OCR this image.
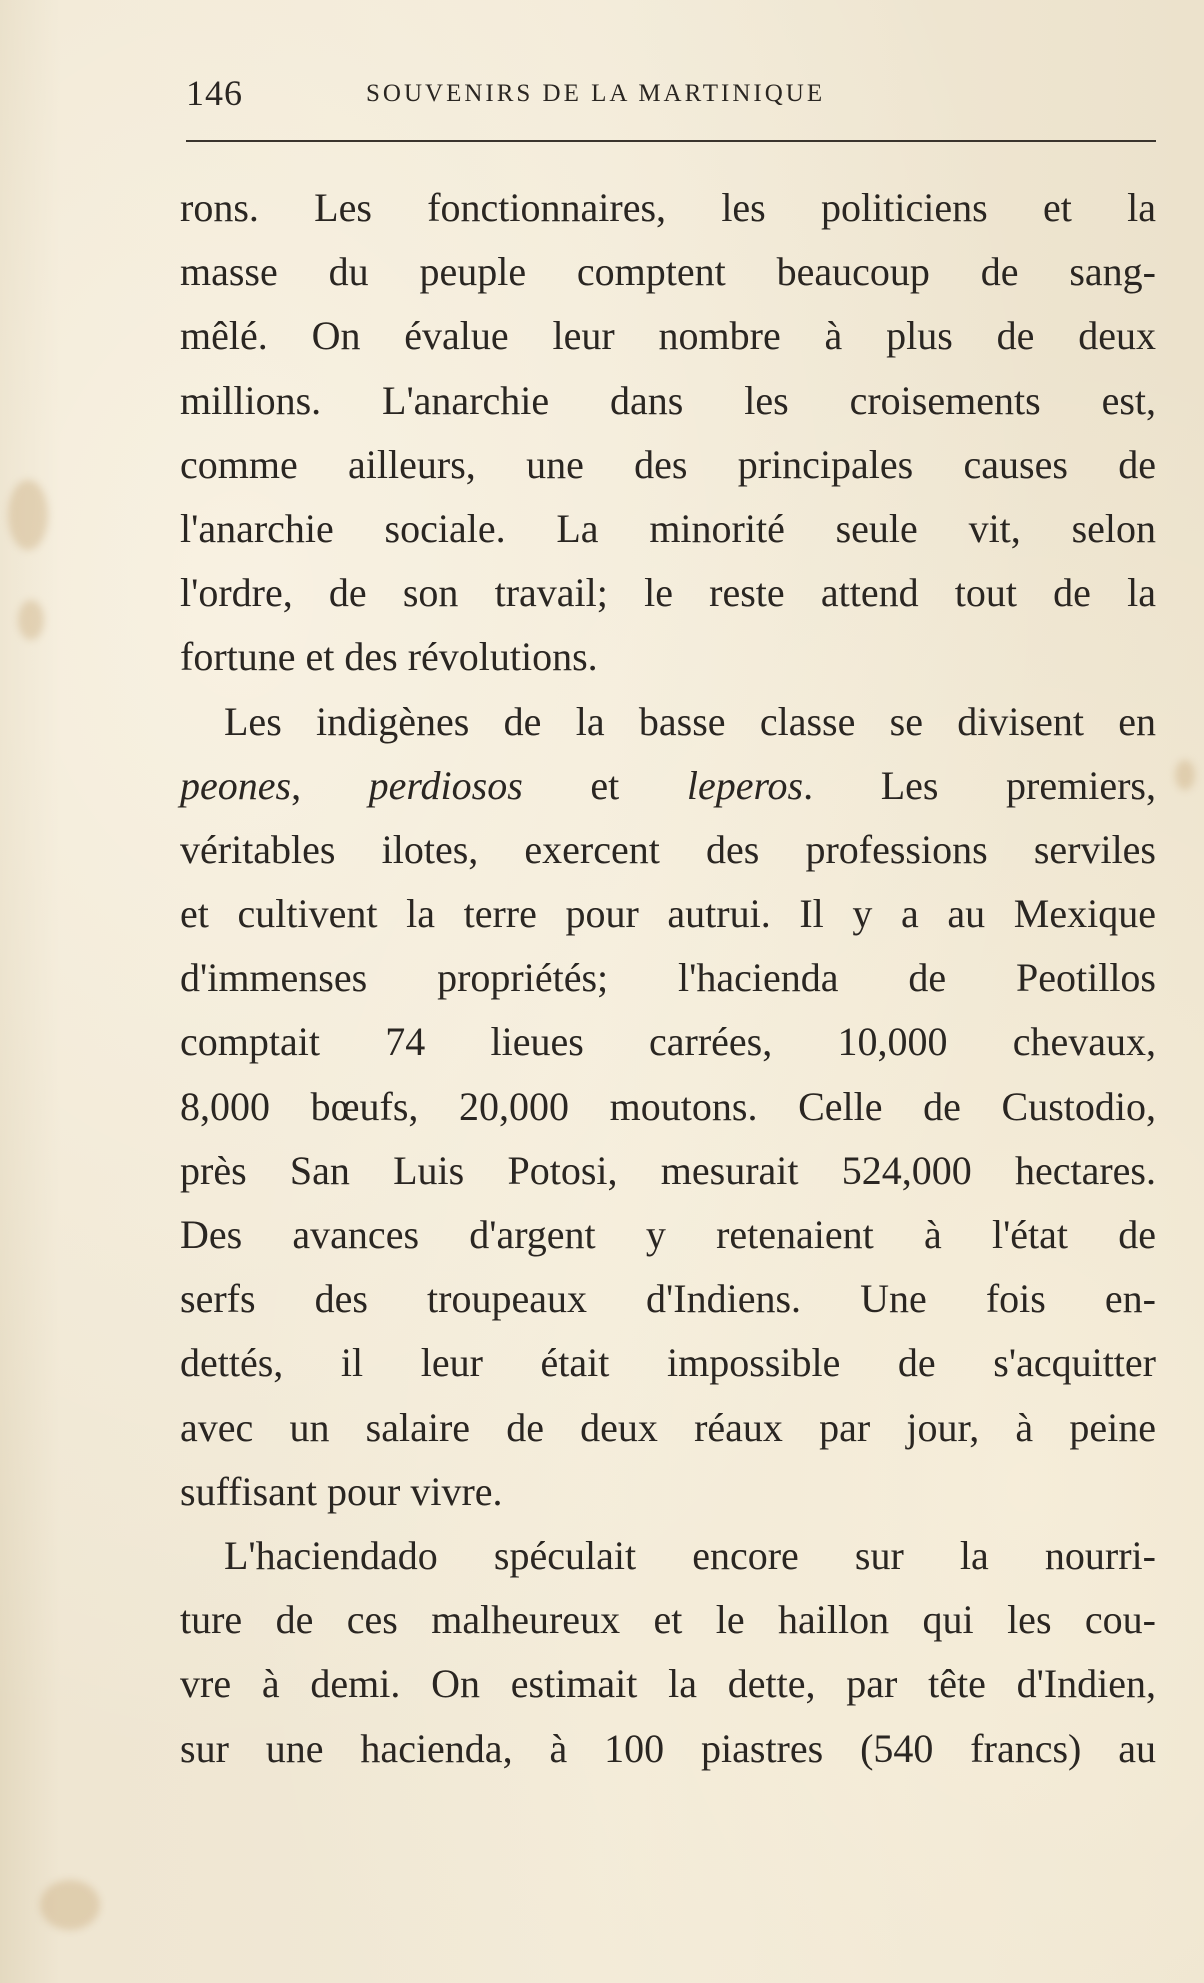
146	SOUVENIRS DE LA MARTINIQUE
rons. Les fonctionnaires, les politiciens et la
masse du peuple comptent beaucoup de sang-
mêlé. On évalue leur nombre à plus de deux
millions. L'anarchie dans les croisements est,
comme ailleurs, une des principales causes de
l'anarchie sociale. La minorité seule vit, selon
l'ordre, de son travail; le reste attend tout de la
fortune et des révolutions.
Les indigènes de la basse classe se divisent en
peones, perdiosos et leperos. Les premiers,
véritables ilotes, exercent des professions serviles
et cultivent la terre pour autrui. Il y a au Mexique
d'immenses propriétés; l'hacienda de Peotillos
comptait 74 lieues carrées, 10,000 chevaux,
8,000 bœufs, 20,000 moutons. Celle de Custodio,
près San Luis Potosi, mesurait 524,000 hectares.
Des avances d'argent y retenaient à l'état de
serfs des troupeaux d'Indiens. Une fois en-
dettés, il leur était impossible de s'acquitter
avec un salaire de deux réaux par jour, à peine
suffisant pour vivre.
L'haciendado spéculait encore sur la nourri-
ture de ces malheureux et le haillon qui les cou-
vre à demi. On estimait la dette, par tête d'Indien,
sur une hacienda, à 100 piastres (540 francs) au
